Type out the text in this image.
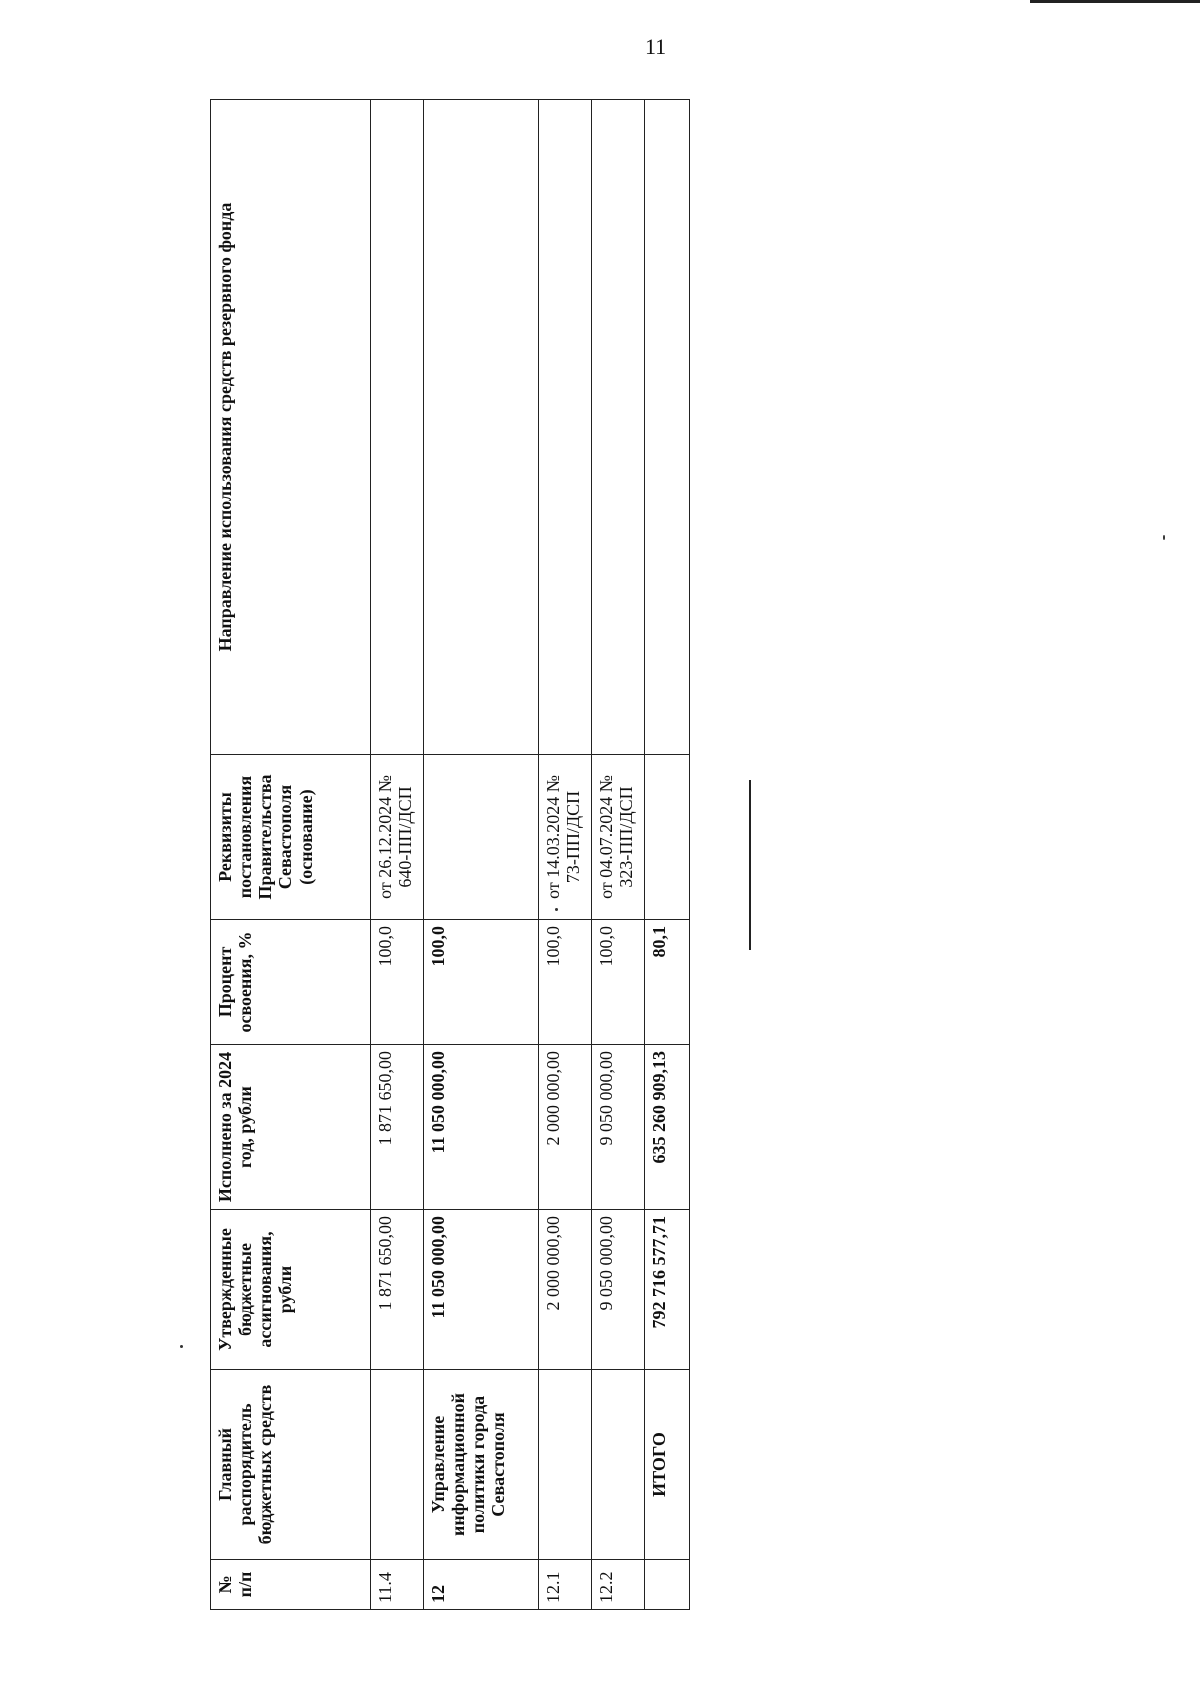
11
№ п/п	Главный распорядитель бюджетных средств	Утвержденные бюджетные ассигнования, рубли	Исполнено за 2024 год, рубли	Процент освоения, %	Реквизиты постановления Правительства Севастополя (основание)	Направление использования средств резервного фонда
11.4		1 871 650,00	1 871 650,00	100,0	от 26.12.2024 № 640-ПП/ДСП	
12	Управление информационной политики города Севастополя	11 050 000,00	11 050 000,00	100,0		
12.1		2 000 000,00	2 000 000,00	100,0	от 14.03.2024 № 73-ПП/ДСП	
12.2		9 050 000,00	9 050 000,00	100,0	от 04.07.2024 № 323-ПП/ДСП	
	ИТОГО	792 716 577,71	635 260 909,13	80,1		
